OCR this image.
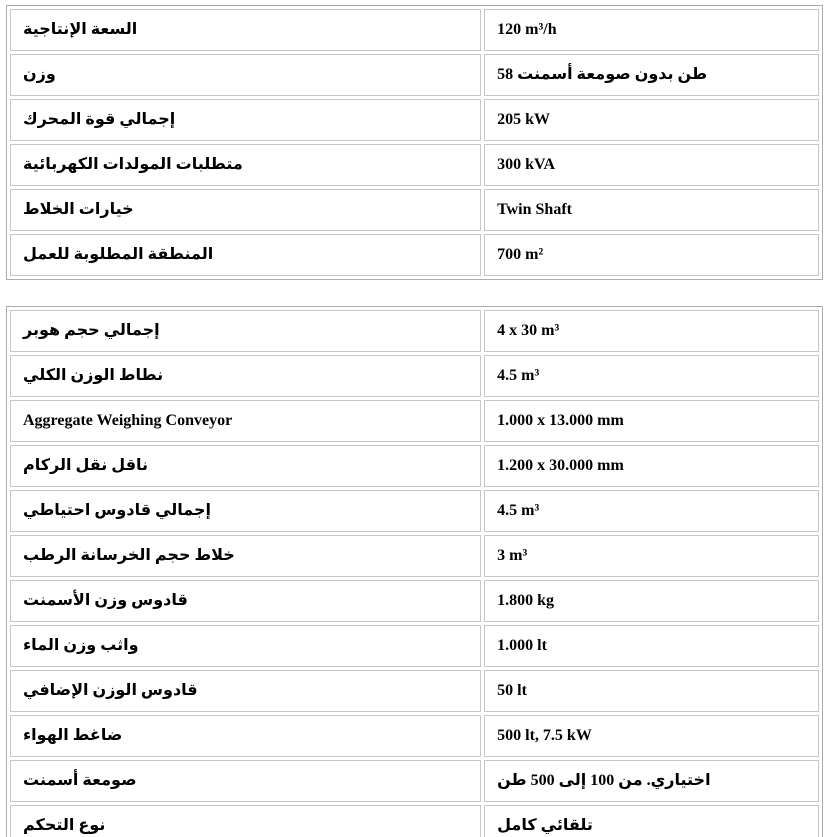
السعة الإنتاجية	120 m³/h
وزن	طن بدون صومعة أسمنت 58
إجمالي قوة المحرك	205 kW
متطلبات المولدات الكهربائية	300 kVA
خيارات الخلاط	Twin Shaft
المنطقة المطلوبة للعمل	700 m²
إجمالي حجم هوبر	4 x 30 m³
نطاط الوزن الكلي	4.5 m³
Aggregate Weighing Conveyor	1.000 x 13.000 mm
ناقل نقل الركام	1.200 x 30.000 mm
إجمالي قادوس احتياطي	4.5 m³
خلاط حجم الخرسانة الرطب	3 m³
قادوس وزن الأسمنت	1.800 kg
واثب وزن الماء	1.000 lt
قادوس الوزن الإضافي	50 lt
ضاغط الهواء	500 lt, 7.5 kW
صومعة أسمنت	اختياري. من 100 إلى 500 طن
نوع التحكم	تلقائي كامل
